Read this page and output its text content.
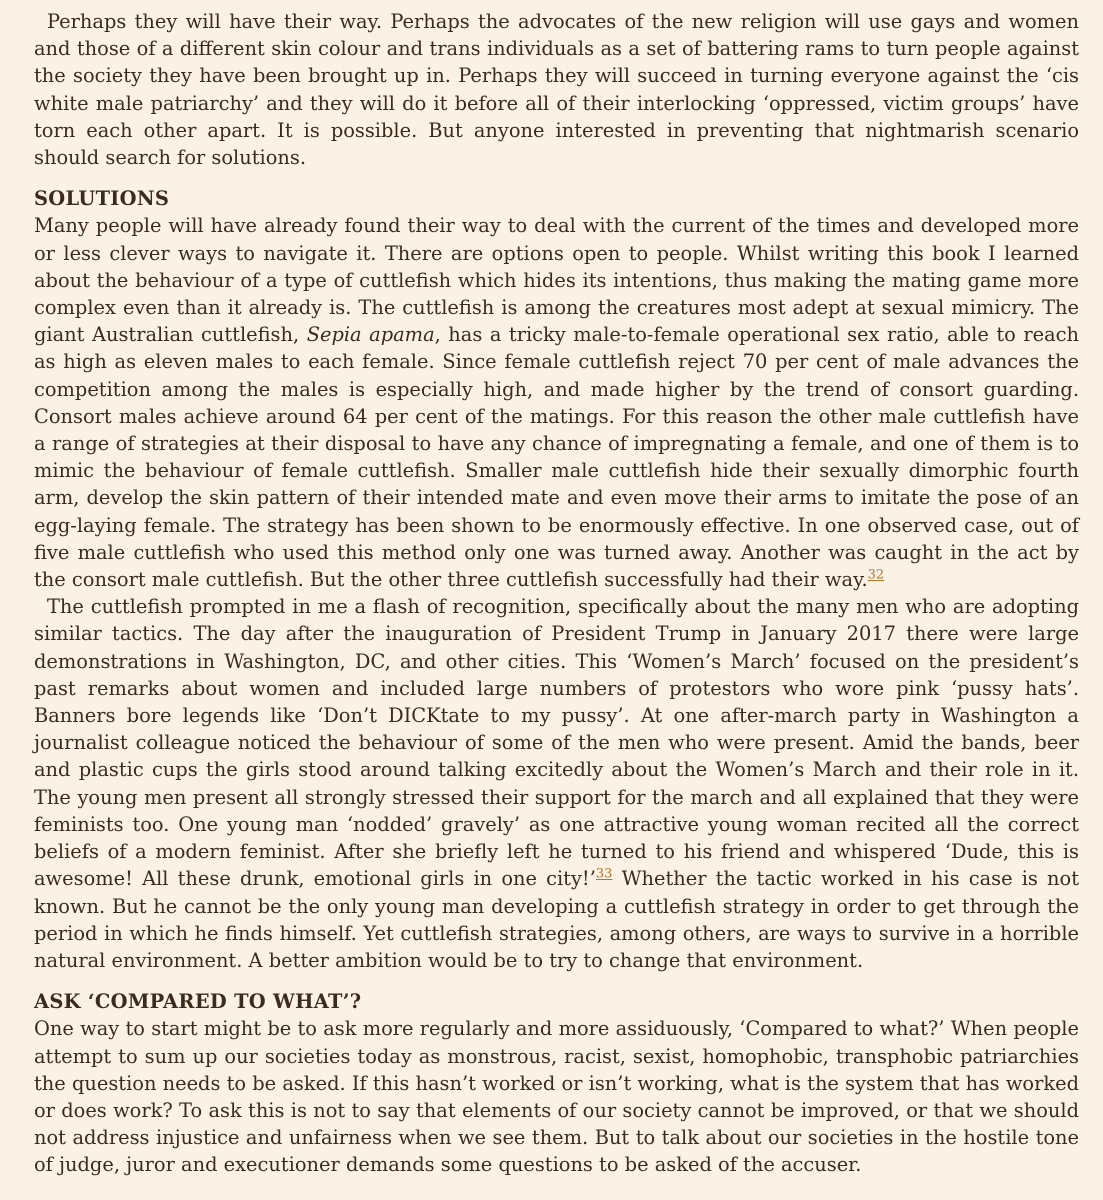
Perhaps they will have their way. Perhaps the advocates of the new religion will use gays and women and those of a different skin colour and trans individuals as a set of battering rams to turn people against the society they have been brought up in. Perhaps they will succeed in turning everyone against the ‘cis white male patriarchy’ and they will do it before all of their interlocking ‘oppressed, victim groups’ have torn each other apart. It is possible. But anyone interested in preventing that nightmarish scenario should search for solutions.

SOLUTIONS

Many people will have already found their way to deal with the current of the times and developed more or less clever ways to navigate it. There are options open to people. Whilst writing this book I learned about the behaviour of a type of cuttlefish which hides its intentions, thus making the mating game more complex even than it already is. The cuttlefish is among the creatures most adept at sexual mimicry. The giant Australian cuttlefish, Sepia apama, has a tricky male-to-female operational sex ratio, able to reach as high as eleven males to each female. Since female cuttlefish reject 70 per cent of male advances the competition among the males is especially high, and made higher by the trend of consort guarding. Consort males achieve around 64 per cent of the matings. For this reason the other male cuttlefish have a range of strategies at their disposal to have any chance of impregnating a female, and one of them is to mimic the behaviour of female cuttlefish. Smaller male cuttlefish hide their sexually dimorphic fourth arm, develop the skin pattern of their intended mate and even move their arms to imitate the pose of an egg-laying female. The strategy has been shown to be enormously effective. In one observed case, out of five male cuttlefish who used this method only one was turned away. Another was caught in the act by the consort male cuttlefish. But the other three cuttlefish successfully had their way.$^{32}$

The cuttlefish prompted in me a flash of recognition, specifically about the many men who are adopting similar tactics. The day after the inauguration of President Trump in January 2017 there were large demonstrations in Washington, DC, and other cities. This ‘Women’s March’ focused on the president’s past remarks about women and included large numbers of protestors who wore pink ‘pussy hats’. Banners bore legends like ‘Don’t DICKtate to my pussy’. At one after-march party in Washington a journalist colleague noticed the behaviour of some of the men who were present. Amid the bands, beer and plastic cups the girls stood around talking excitedly about the Women’s March and their role in it. The young men present all strongly stressed their support for the march and all explained that they were feminists too. One young man ‘nodded’ gravely’ as one attractive young woman recited all the correct beliefs of a modern feminist. After she briefly left he turned to his friend and whispered ‘Dude, this is awesome! All these drunk, emotional girls in one city!’$^{33}$ Whether the tactic worked in his case is not known. But he cannot be the only young man developing a cuttlefish strategy in order to get through the period in which he finds himself. Yet cuttlefish strategies, among others, are ways to survive in a horrible natural environment. A better ambition would be to try to change that environment.

ASK ‘COMPARED TO WHAT’?

One way to start might be to ask more regularly and more assiduously, ‘Compared to what?’ When people attempt to sum up our societies today as monstrous, racist, sexist, homophobic, transphobic patriarchies the question needs to be asked. If this hasn’t worked or isn’t working, what is the system that has worked or does work? To ask this is not to say that elements of our society cannot be improved, or that we should not address injustice and unfairness when we see them. But to talk about our societies in the hostile tone of judge, juror and executioner demands some questions to be asked of the accuser.
